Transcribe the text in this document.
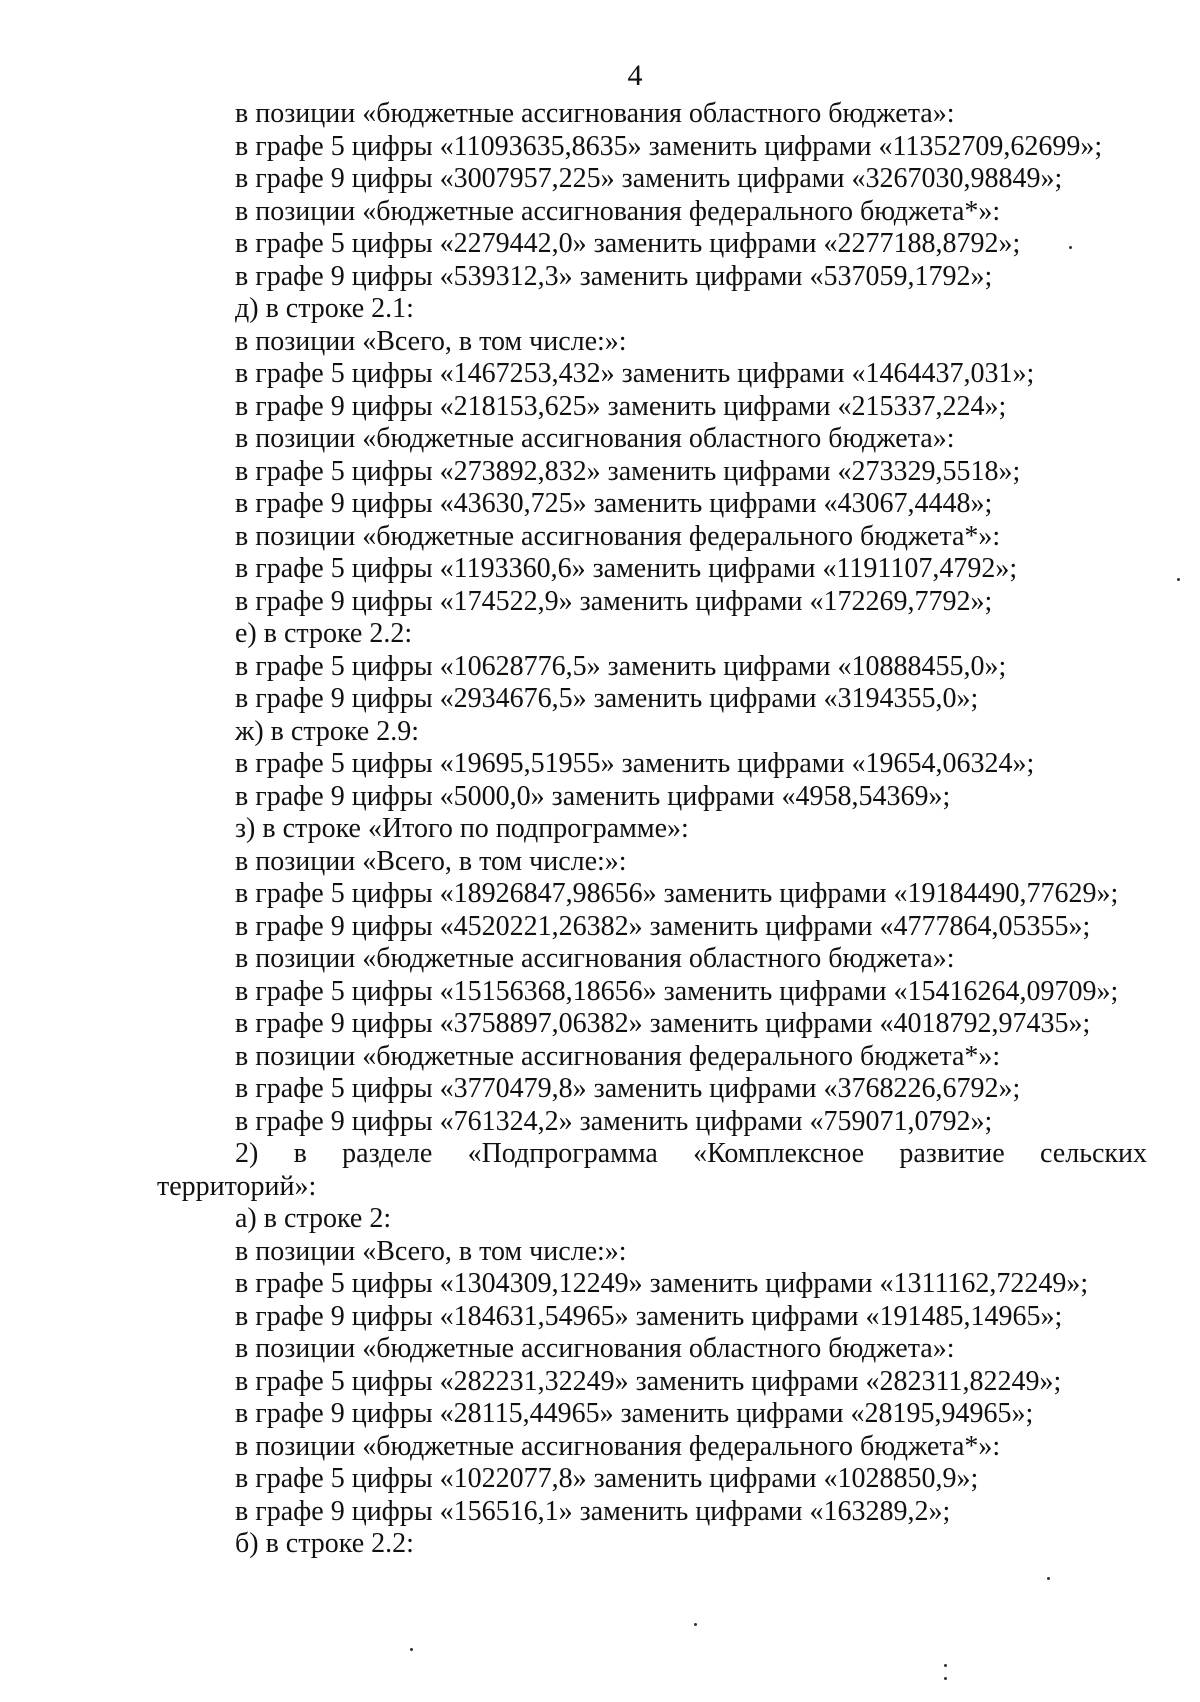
4
в позиции «бюджетные ассигнования областного бюджета»:
в графе 5 цифры «11093635,8635» заменить цифрами «11352709,62699»;
в графе 9 цифры «3007957,225» заменить цифрами «3267030,98849»;
в позиции «бюджетные ассигнования федерального бюджета*»:
в графе 5 цифры «2279442,0» заменить цифрами «2277188,8792»;
в графе 9 цифры «539312,3» заменить цифрами «537059,1792»;
д) в строке 2.1:
в позиции «Всего, в том числе:»:
в графе 5 цифры «1467253,432» заменить цифрами «1464437,031»;
в графе 9 цифры «218153,625» заменить цифрами «215337,224»;
в позиции «бюджетные ассигнования областного бюджета»:
в графе 5 цифры «273892,832» заменить цифрами «273329,5518»;
в графе 9 цифры «43630,725» заменить цифрами «43067,4448»;
в позиции «бюджетные ассигнования федерального бюджета*»:
в графе 5 цифры «1193360,6» заменить цифрами «1191107,4792»;
в графе 9 цифры «174522,9» заменить цифрами «172269,7792»;
е) в строке 2.2:
в графе 5 цифры «10628776,5» заменить цифрами «10888455,0»;
в графе 9 цифры «2934676,5» заменить цифрами «3194355,0»;
ж) в строке 2.9:
в графе 5 цифры «19695,51955» заменить цифрами «19654,06324»;
в графе 9 цифры «5000,0» заменить цифрами «4958,54369»;
з) в строке «Итого по подпрограмме»:
в позиции «Всего, в том числе:»:
в графе 5 цифры «18926847,98656» заменить цифрами «19184490,77629»;
в графе 9 цифры «4520221,26382» заменить цифрами «4777864,05355»;
в позиции «бюджетные ассигнования областного бюджета»:
в графе 5 цифры «15156368,18656» заменить цифрами «15416264,09709»;
в графе 9 цифры «3758897,06382» заменить цифрами «4018792,97435»;
в позиции «бюджетные ассигнования федерального бюджета*»:
в графе 5 цифры «3770479,8» заменить цифрами «3768226,6792»;
в графе 9 цифры «761324,2» заменить цифрами «759071,0792»;
2) в разделе «Подпрограмма «Комплексное развитие сельских
территорий»:
а) в строке 2:
в позиции «Всего, в том числе:»:
в графе 5 цифры «1304309,12249» заменить цифрами «1311162,72249»;
в графе 9 цифры «184631,54965» заменить цифрами «191485,14965»;
в позиции «бюджетные ассигнования областного бюджета»:
в графе 5 цифры «282231,32249» заменить цифрами «282311,82249»;
в графе 9 цифры «28115,44965» заменить цифрами «28195,94965»;
в позиции «бюджетные ассигнования федерального бюджета*»:
в графе 5 цифры «1022077,8» заменить цифрами «1028850,9»;
в графе 9 цифры «156516,1» заменить цифрами «163289,2»;
б) в строке 2.2:
